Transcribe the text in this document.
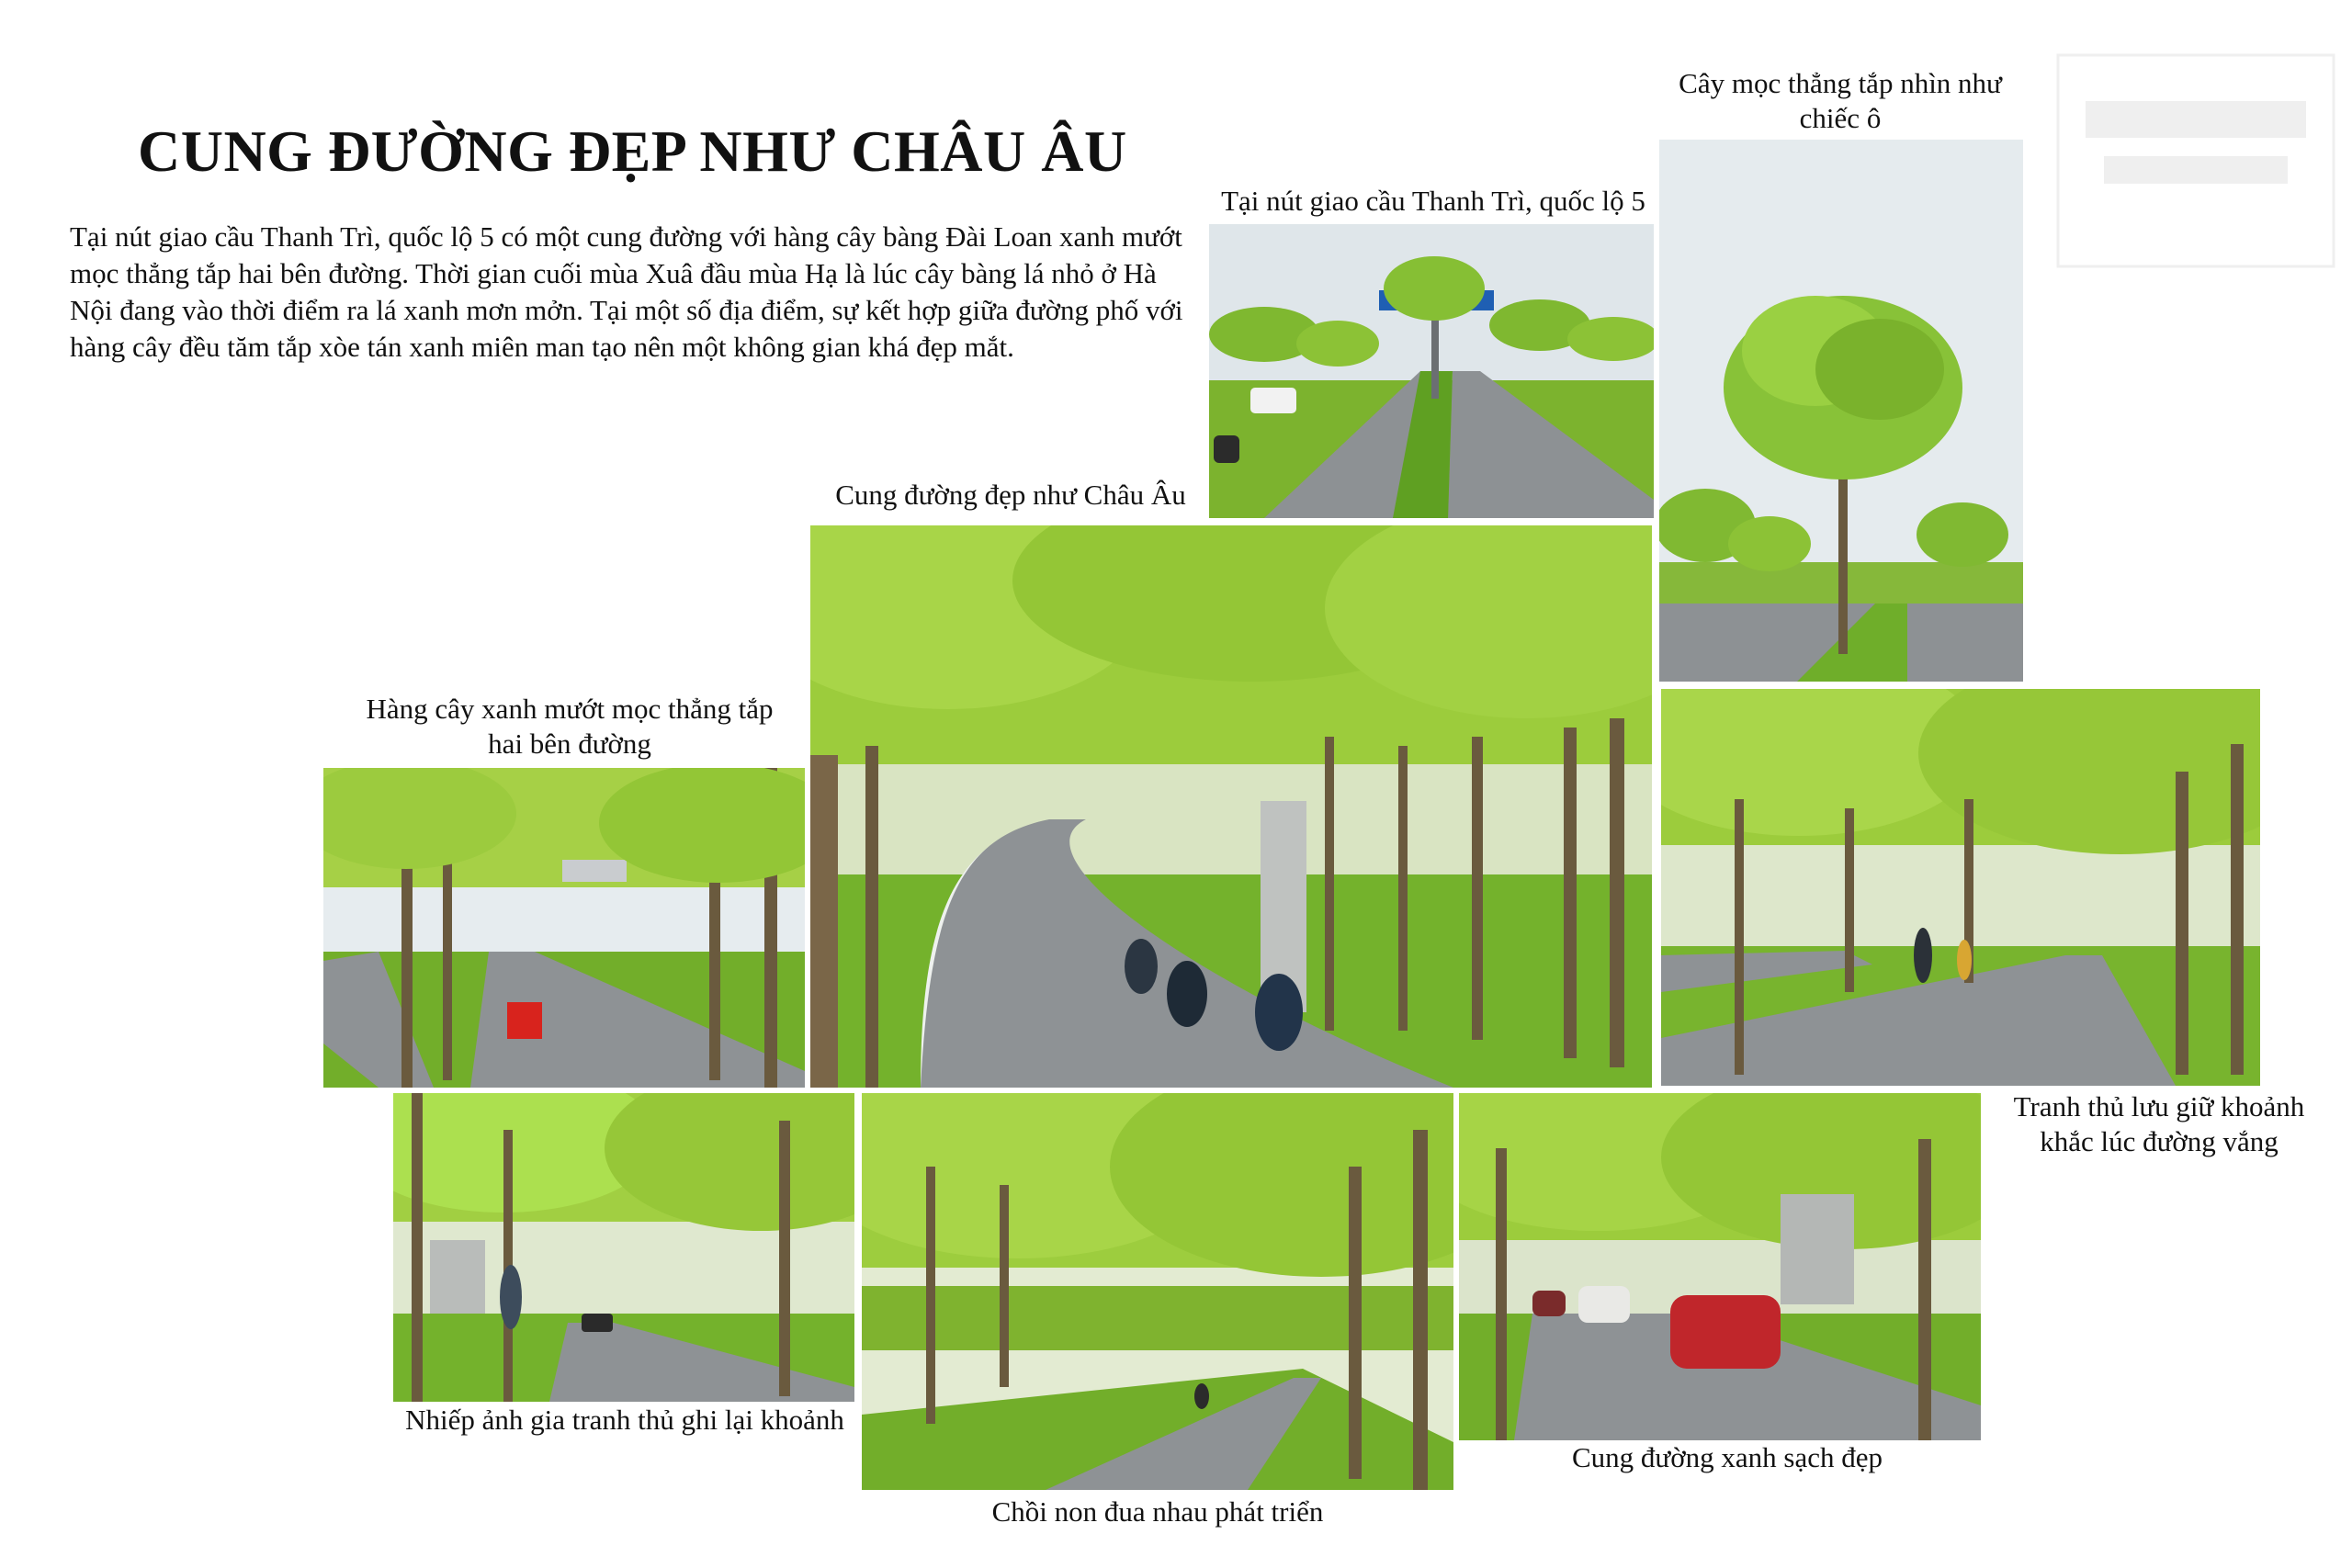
CUNG ĐƯỜNG ĐẸP NHƯ CHÂU ÂU
Tại nút giao cầu Thanh Trì, quốc lộ 5 có một cung đường với hàng cây bàng Đài Loan xanh mướt mọc thẳng tắp hai bên đường. Thời gian cuối mùa Xuâ đầu mùa Hạ là lúc cây bàng lá nhỏ ở Hà Nội đang vào thời điểm ra lá xanh mơn mởn. Tại một số địa điểm, sự kết hợp giữa đường phố với hàng cây đều tăm tắp xòe tán xanh miên man tạo nên một không gian khá đẹp mắt.
Cây mọc thẳng tắp nhìn như chiếc ô
Tại nút giao cầu Thanh Trì, quốc lộ 5
Cung đường đẹp như Châu Âu
Hàng cây xanh mướt mọc thẳng tắp hai bên đường
Tranh thủ lưu giữ khoảnh khắc lúc đường vắng
Nhiếp ảnh gia tranh thủ ghi lại khoảnh
Chồi non đua nhau phát triển
Cung đường xanh sạch đẹp
